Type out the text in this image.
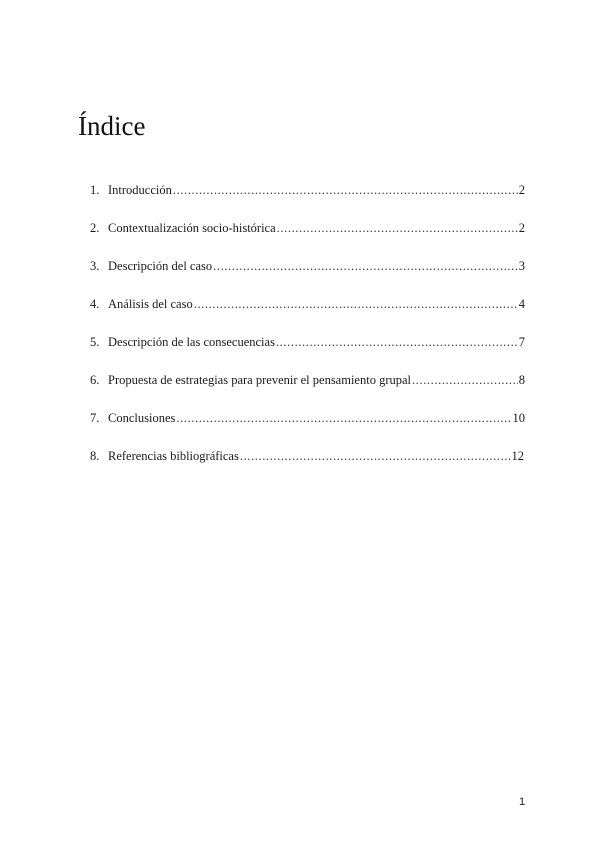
Índice
1. Introducción .....	2
2. Contextualización socio-histórica .....	2
3. Descripción del caso .....	3
4. Análisis del caso .....	4
5. Descripción de las consecuencias .....	7
6. Propuesta de estrategias para prevenir el pensamiento grupal .....	8
7. Conclusiones .....	10
8. Referencias bibliográficas .....	12
1
